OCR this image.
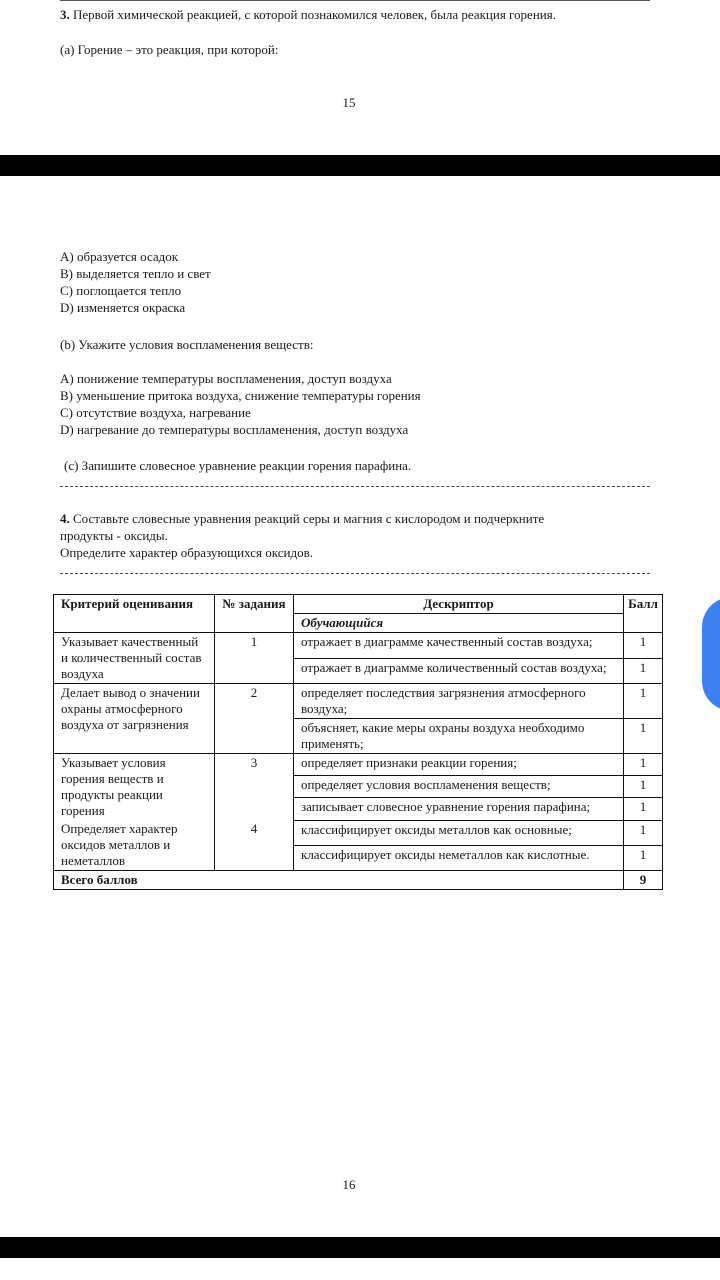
3. Первой химической реакцией, с которой познакомился человек, была реакция горения.
(a) Горение – это реакция, при которой:
15
А) образуется осадок
В) выделяется тепло и свет
С) поглощается тепло
D) изменяется окраска
(b) Укажите условия воспламенения веществ:
А) понижение температуры воспламенения, доступ воздуха
В) уменьшение притока воздуха, снижение температуры горения
С) отсутствие воздуха, нагревание
D) нагревание до температуры воспламенения, доступ воздуха
(c) Запишите словесное уравнение реакции горения парафина.
4. Составьте словесные уравнения реакций серы и магния с кислородом и подчеркните
продукты - оксиды.
Определите характер образующихся оксидов.
Критерий оценивания	№ задания	Дескриптор	Балл
		Обучающийся	
Указывает качественный и количественный состав воздуха	1	отражает в диаграмме качественный состав воздуха;	1
		отражает в диаграмме количественный состав воздуха;	1
Делает вывод о значении охраны атмосферного воздуха от загрязнения	2	определяет последствия загрязнения атмосферного воздуха;	1
		объясняет, какие меры охраны воздуха необходимо применять;	1
Указывает условия горения веществ и продукты реакции горения	3	определяет признаки реакции горения;	1
		определяет условия воспламенения веществ;	1
		записывает словесное уравнение горения парафина;	1
Определяет характер оксидов металлов и неметаллов	4	классифицирует оксиды металлов как основные;	1
		классифицирует оксиды неметаллов как кислотные.	1
Всего баллов			9
16
